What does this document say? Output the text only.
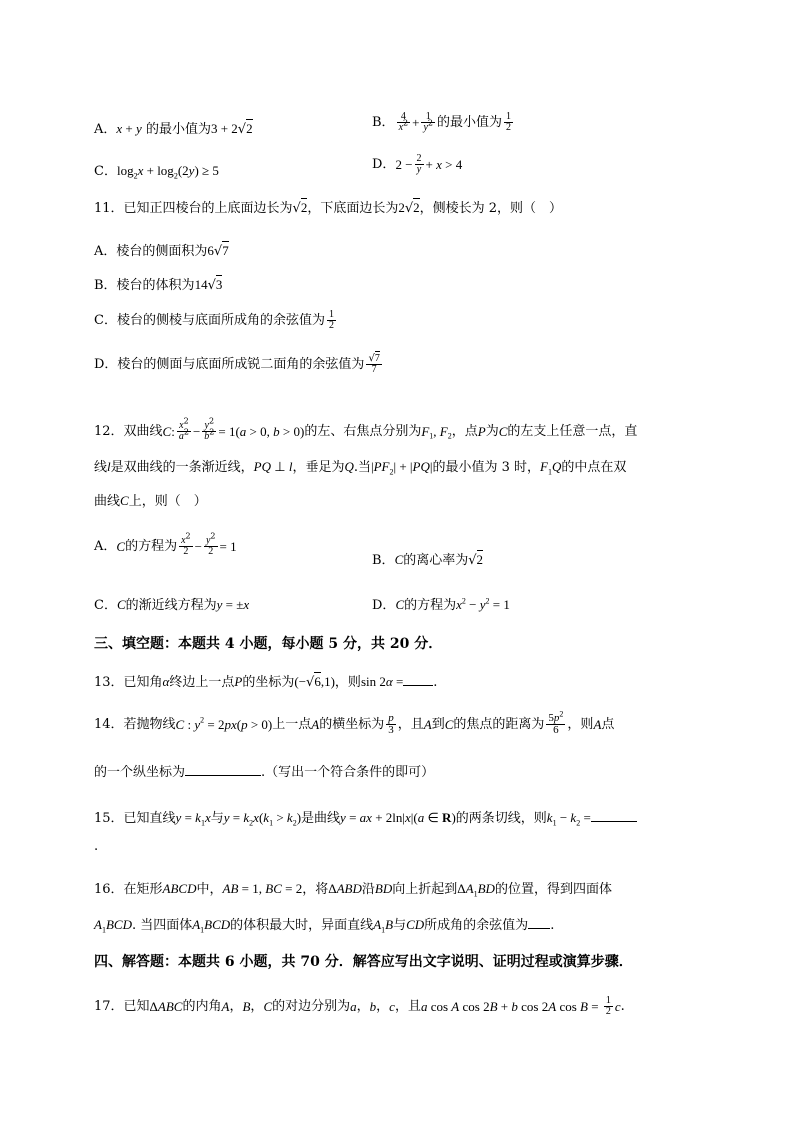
A．x + y 的最小值为3 + 2√2	B． $\frac{4}{x^2} + \frac{1}{y^2}$ 的最小值为 $\frac{1}{2}$
C．$\log_2x + \log_2(2y) \ge 5$	D．$2 - \frac{2}{y} + x > 4$
11．已知正四棱台的上底面边长为√2，下底面边长为2√2，侧棱长为 2，则（　）
A．棱台的侧面积为6√7
B．棱台的体积为14√3
C．棱台的侧棱与底面所成角的余弦值为 $\frac{1}{2}$
D．棱台的侧面与底面所成锐二面角的余弦值为 $\frac{√7}{7}$
12．双曲线C: $\frac{x^2}{a^2} - \frac{y^2}{b^2} = 1(a > 0$, b > 0)的左、右焦点分别为$F_1$, $F_2$，点P为C的左支上任意一点，直
线l是双曲线的一条渐近线，PQ ⊥ l，垂足为Q.当$|PF_2| + |PQ|$的最小值为 3 时，$F_1Q$的中点在双
曲线C上，则（　）
A．C的方程为 $\frac{x^2}{2} - \frac{y^2}{2} = 1$
B．C的离心率为√2
C．C的渐近线方程为y = ±x	D．C的方程为$x^2 - y^2 = 1$
三、填空题：本题共 4 小题，每小题 5 分，共 20 分．
13．已知角α终边上一点P的坐标为(−√6,1)，则sin 2α = .
14．若抛物线C : $y^2 = 2px(p > 0)$上一点A的横坐标为 $\frac{p}{3}$ ，且A到C的焦点的距离为 $\frac{5p^2}{6}$ ，则A点
的一个纵坐标为	.（写出一个符合条件的即可）
15．已知直线$y = k_1x$与$y = k_2x(k_1 > k_2)$是曲线y = ax + 2ln|x|(a ∈ R)的两条切线，则$k_1 - k_2$ =
.
16．在矩形ABCD中，AB = 1, BC = 2，将ΔABD沿BD向上折起到$\Delta A_1BD$的位置，得到四面体
$A_1BCD$. 当四面体$A_1BCD$的体积最大时，异面直线$A_1B$与CD所成角的余弦值为 .
四、解答题：本题共 6 小题，共 70 分．解答应写出文字说明、证明过程或演算步骤．
17．已知ΔABC的内角A，B，C的对边分别为a，b，c，且a cos A cos 2B + b cos 2A $\cos B = \frac{1}{2} c$.
